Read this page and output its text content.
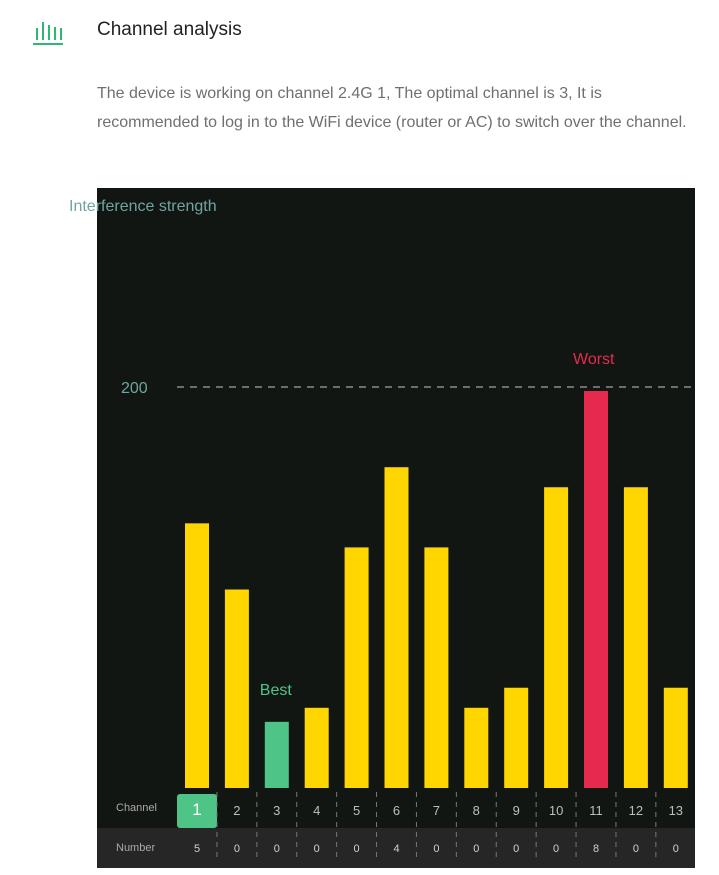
Channel analysis
The device is working on channel 2.4G 1, The optimal channel is 3, It is recommended to log in to the WiFi device (router or AC) to switch over the channel.
Interference strength
Channel
Number
200
1
5
2
0
Best
3
0
4
0
5
0
6
4
7
0
8
0
9
0
10
0
Worst
11
8
12
0
13
0
